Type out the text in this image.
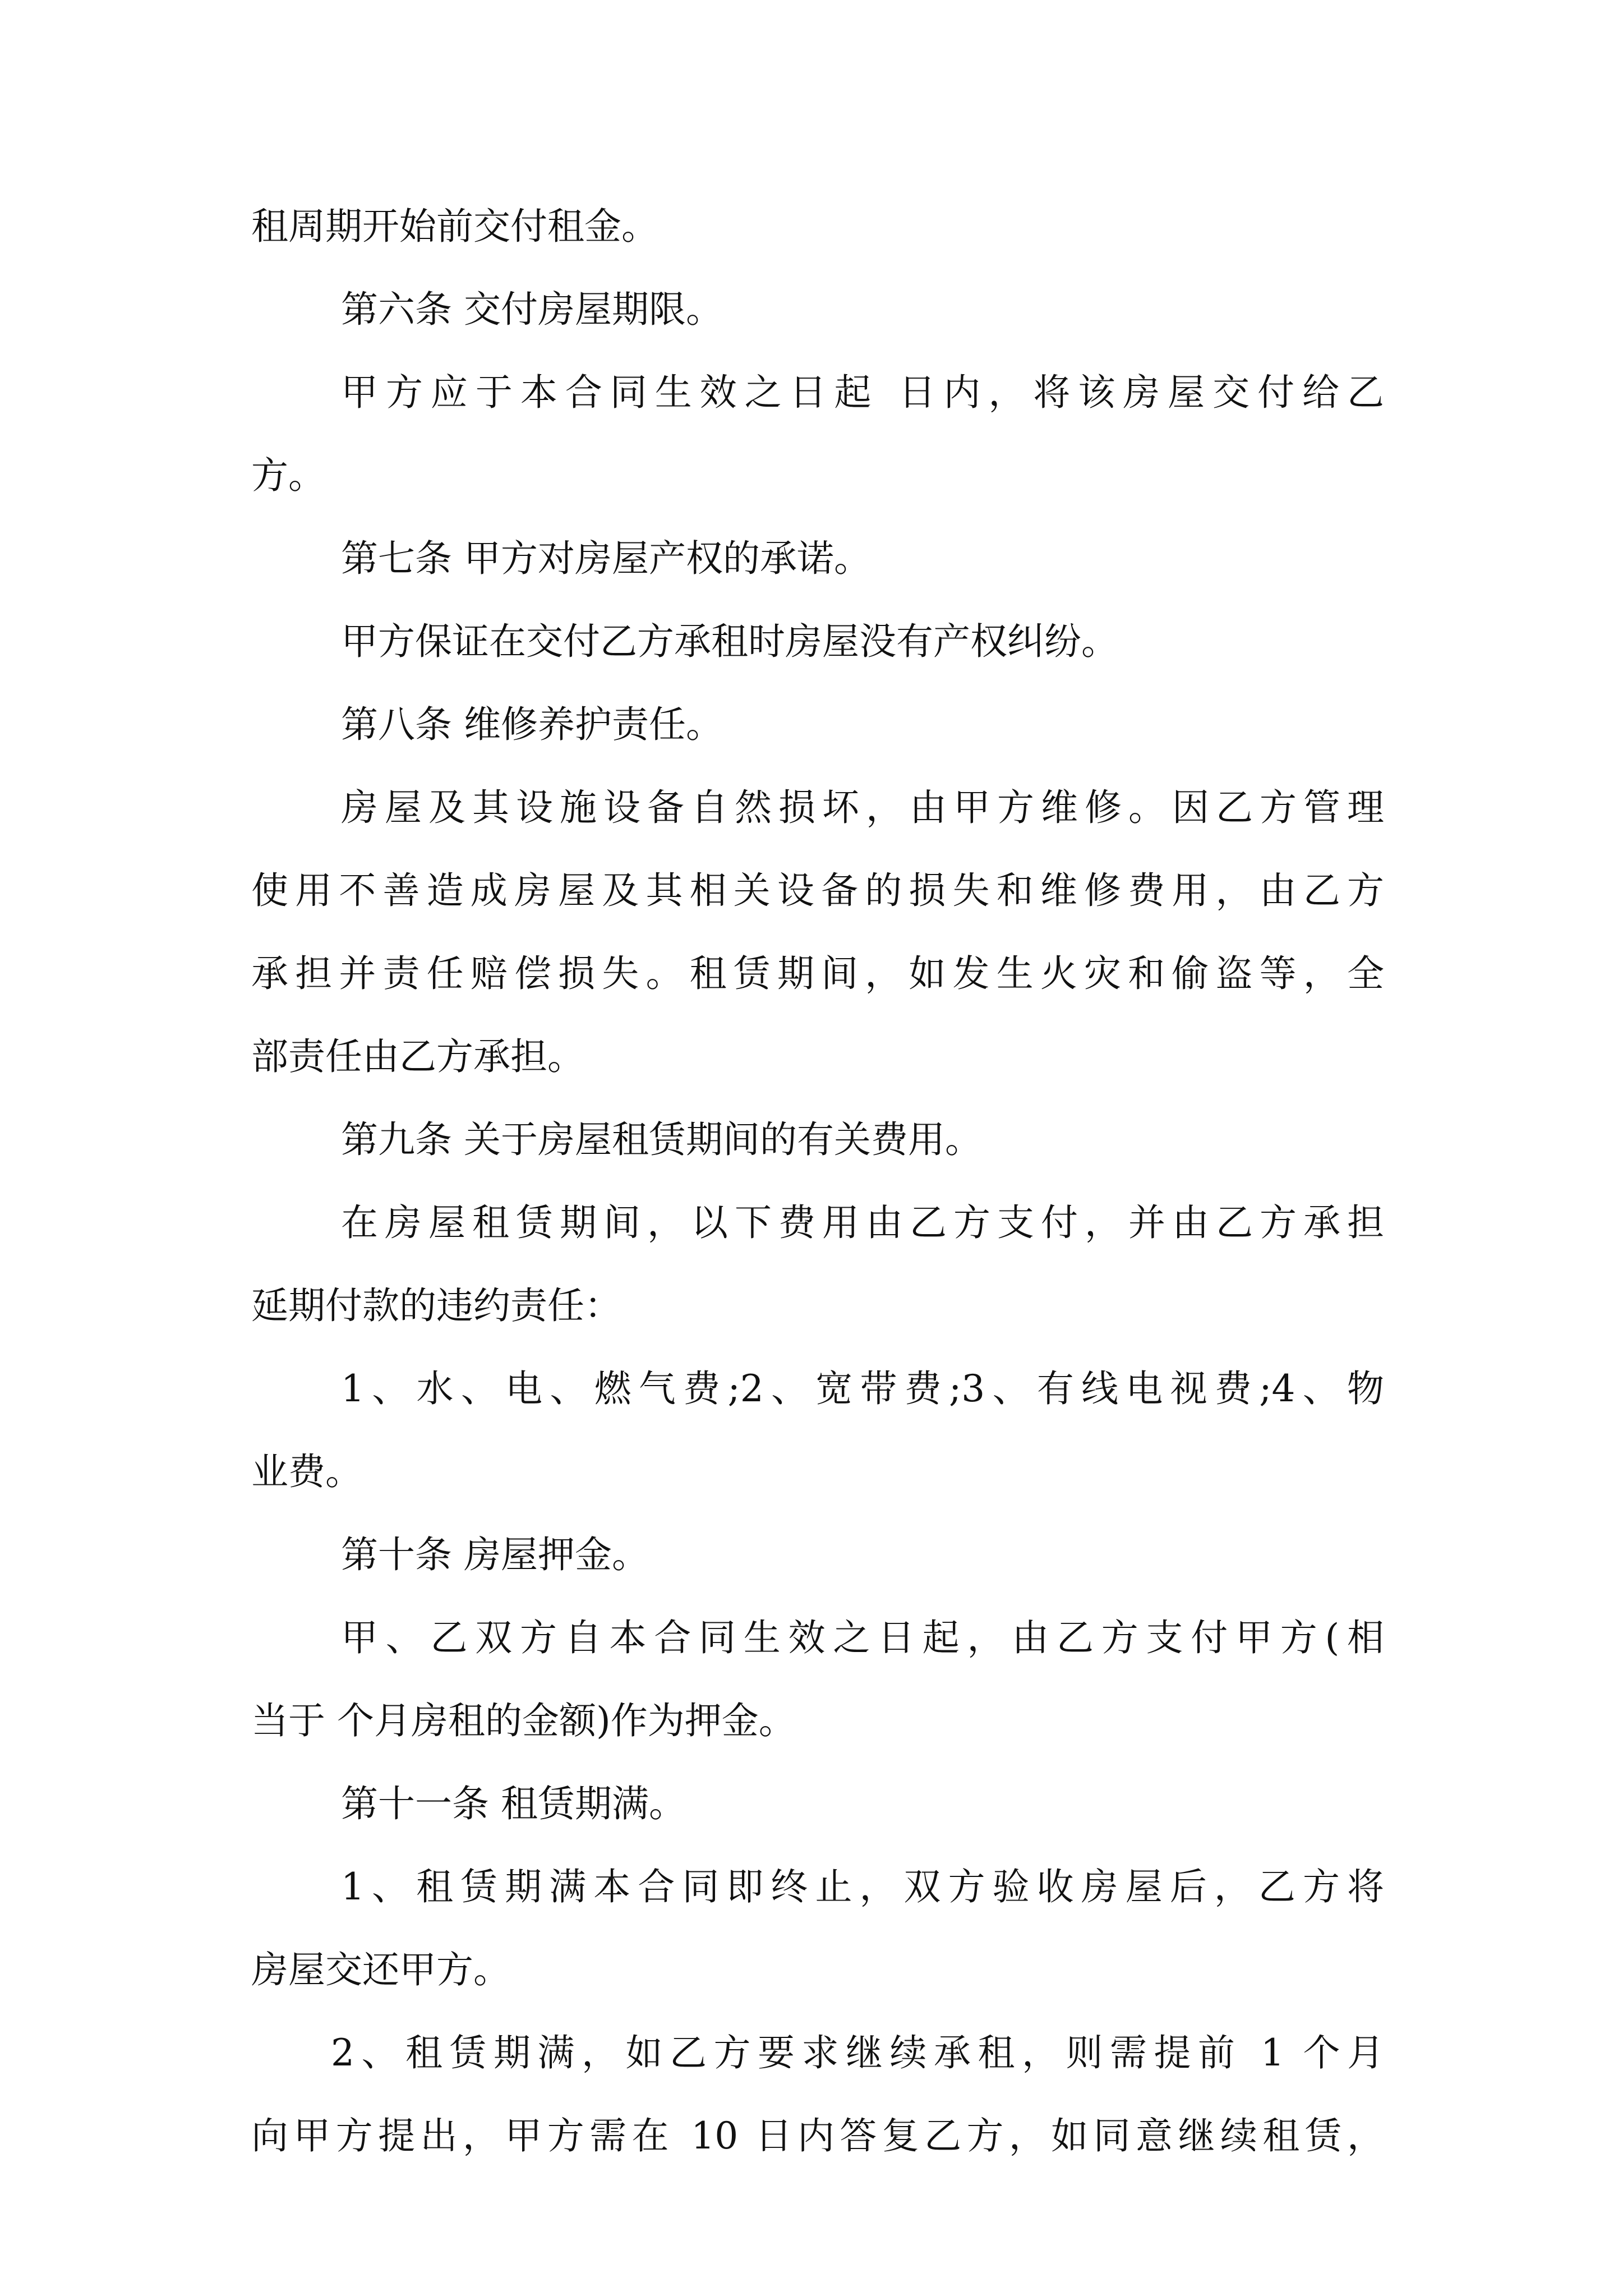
租周期开始前交付租金。
第六条 交付房屋期限。
甲方应于本合同生效之日起 日内，将该房屋交付给乙
方。
第七条 甲方对房屋产权的承诺。
甲方保证在交付乙方承租时房屋没有产权纠纷。
第八条 维修养护责任。
房屋及其设施设备自然损坏，由甲方维修。因乙方管理
使用不善造成房屋及其相关设备的损失和维修费用，由乙方
承担并责任赔偿损失。租赁期间，如发生火灾和偷盗等，全
部责任由乙方承担。
第九条 关于房屋租赁期间的有关费用。
在房屋租赁期间，以下费用由乙方支付，并由乙方承担
延期付款的违约责任：
1、水、电、燃气费;2、宽带费;3、有线电视费;4、物
业费。
第十条 房屋押金。
甲、乙双方自本合同生效之日起，由乙方支付甲方(相
当于 个月房租的金额)作为押金。
第十一条 租赁期满。
1、租赁期满本合同即终止，双方验收房屋后，乙方将
房屋交还甲方。
2、租赁期满，如乙方要求继续承租，则需提前 1 个月
向甲方提出，甲方需在 10 日内答复乙方，如同意继续租赁，
